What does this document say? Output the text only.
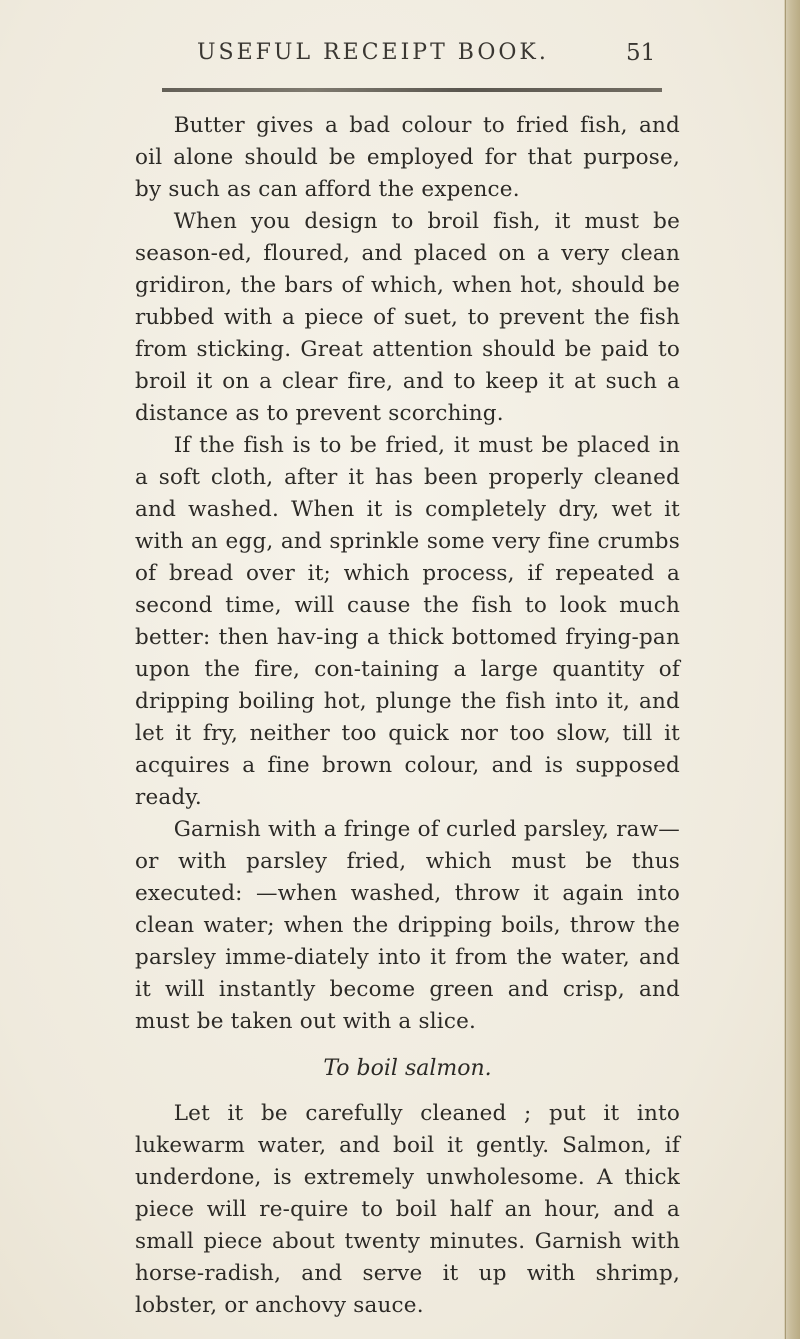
USEFUL RECEIPT BOOK.	51

Butter gives a bad colour to fried fish, and oil alone should be employed for that purpose, by such as can afford the expence.

When you design to broil fish, it must be season-ed, floured, and placed on a very clean gridiron, the bars of which, when hot, should be rubbed with a piece of suet, to prevent the fish from sticking. Great attention should be paid to broil it on a clear fire, and to keep it at such a distance as to prevent scorching.

If the fish is to be fried, it must be placed in a soft cloth, after it has been properly cleaned and washed. When it is completely dry, wet it with an egg, and sprinkle some very fine crumbs of bread over it; which process, if repeated a second time, will cause the fish to look much better: then hav-ing a thick bottomed frying-pan upon the fire, con-taining a large quantity of dripping boiling hot, plunge the fish into it, and let it fry, neither too quick nor too slow, till it acquires a fine brown colour, and is supposed ready.

Garnish with a fringe of curled parsley, raw—or with parsley fried, which must be thus executed: —when washed, throw it again into clean water; when the dripping boils, throw the parsley imme-diately into it from the water, and it will instantly become green and crisp, and must be taken out with a slice.

To boil salmon.

Let it be carefully cleaned ; put it into lukewarm water, and boil it gently. Salmon, if underdone, is extremely unwholesome. A thick piece will re-quire to boil half an hour, and a small piece about twenty minutes. Garnish with horse-radish, and serve it up with shrimp, lobster, or anchovy sauce.
